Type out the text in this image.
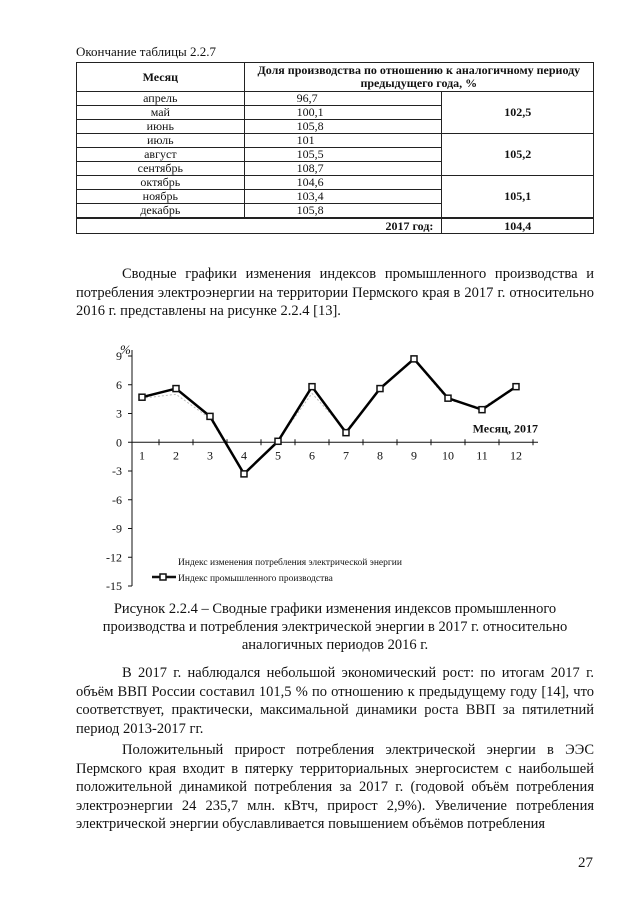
Окончание таблицы 2.2.7
Месяц	Доля производства по отношению к аналогичному периоду предыдущего года, %	
апрель	96,7	102,5
май	100,1	
июнь	105,8	
июль	101	105,2
август	105,5	
сентябрь	108,7	
октябрь	104,6	105,1
ноябрь	103,4	
декабрь	105,8	
2017 год:		104,4
Сводные графики изменения индексов промышленного производства и потребления электроэнергии на территории Пермского края в 2017 г. относительно 2016 г. представлены на рисунке 2.2.4 [13].
9
6
3
0
-3
-6
-9
-12
-15
%
1 2 3 4 5 6 7 8 9 10 11 12
Месяц, 2017
Индекс изменения потребления электрической энергии
Индекс промышленного производства
Рисунок 2.2.4 – Сводные графики изменения индексов промышленного производства и потребления электрической энергии в 2017 г. относительно аналогичных периодов 2016 г.
В 2017 г. наблюдался небольшой экономический рост: по итогам 2017 г. объём ВВП России составил 101,5 % по отношению к предыдущему году [14], что соответствует, практически, максимальной динамики роста ВВП за пятилетний период 2013-2017 гг.
Положительный прирост потребления электрической энергии в ЭЭС Пермского края входит в пятерку территориальных энергосистем с наибольшей положительной динамикой потребления за 2017 г. (годовой объём потребления электроэнергии 24 235,7 млн. кВтч, прирост 2,9%). Увеличение потребления электрической энергии обуславливается повышением объёмов потребления
27
